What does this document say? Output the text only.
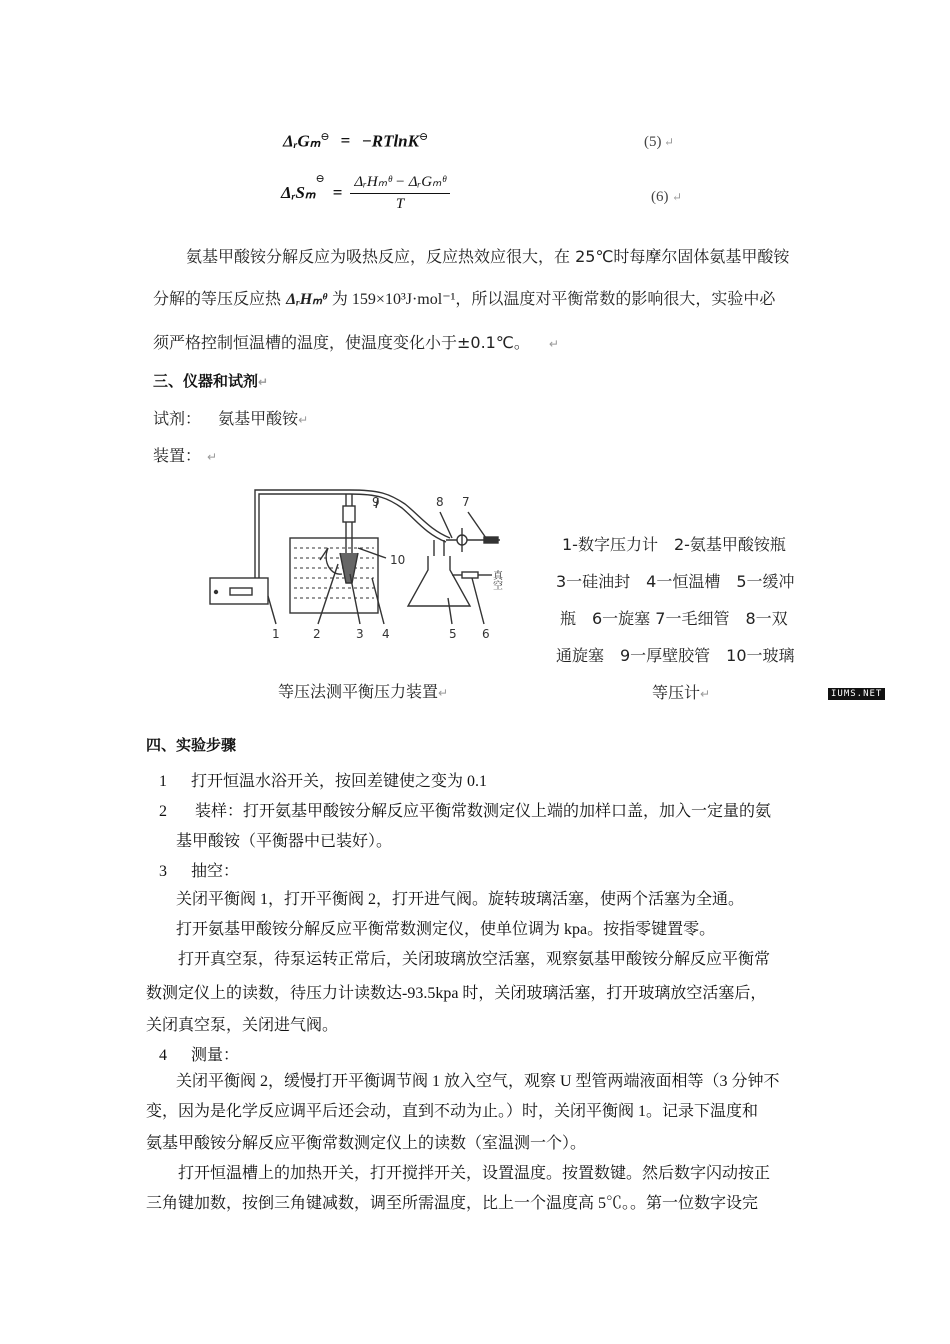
ΔᵣGₘ⊖ = −RTlnK⊖	(5) ↵
ΔᵣSₘ
⊖
= $\frac{\text{ΔᵣHₘᶿ − ΔᵣGₘᶿ}}{T}$	(6) ↵
氨基甲酸铵分解反应为吸热反应，反应热效应很大，在 25℃时每摩尔固体氨基甲酸铵
分解的等压反应热 ΔᵣHₘᶿ 为 159×10³J·mol⁻¹，所以温度对平衡常数的影响很大，实验中必
须严格控制恒温槽的温度，使温度变化小于±0.1℃。 ↵
三、仪器和试剂↵
试剂： 氨基甲酸铵↵
装置： ↵
1	2	3 4	5 6
7
8
9
10
真空
1-数字压力计　2-氨基甲酸铵瓶
3一硅油封　4一恒温槽　5一缓冲
瓶　6一旋塞 7一毛细管　8一双
通旋塞　9一厚壁胶管　10一玻璃
等压计↵
等压法测平衡压力装置↵	IUMS.NET
四、实验步骤
1 打开恒温水浴开关，按回差键使之变为 0.1
2 装样：打开氨基甲酸铵分解反应平衡常数测定仪上端的加样口盖，加入一定量的氨
基甲酸铵（平衡器中已装好）。
3 抽空：
关闭平衡阀 1，打开平衡阀 2，打开进气阀。旋转玻璃活塞，使两个活塞为全通。
打开氨基甲酸铵分解反应平衡常数测定仪，使单位调为 kpa。按指零键置零。
打开真空泵，待泵运转正常后，关闭玻璃放空活塞，观察氨基甲酸铵分解反应平衡常
数测定仪上的读数，待压力计读数达-93.5kpa 时，关闭玻璃活塞，打开玻璃放空活塞后，
关闭真空泵，关闭进气阀。
4 测量：
关闭平衡阀 2，缓慢打开平衡调节阀 1 放入空气，观察 U 型管两端液面相等（3 分钟不
变，因为是化学反应调平后还会动，直到不动为止。）时，关闭平衡阀 1。记录下温度和
氨基甲酸铵分解反应平衡常数测定仪上的读数（室温测一个）。
打开恒温槽上的加热开关，打开搅拌开关，设置温度。按置数键。然后数字闪动按正
三角键加数，按倒三角键减数，调至所需温度，比上一个温度高 5℃。。第一位数字设完
